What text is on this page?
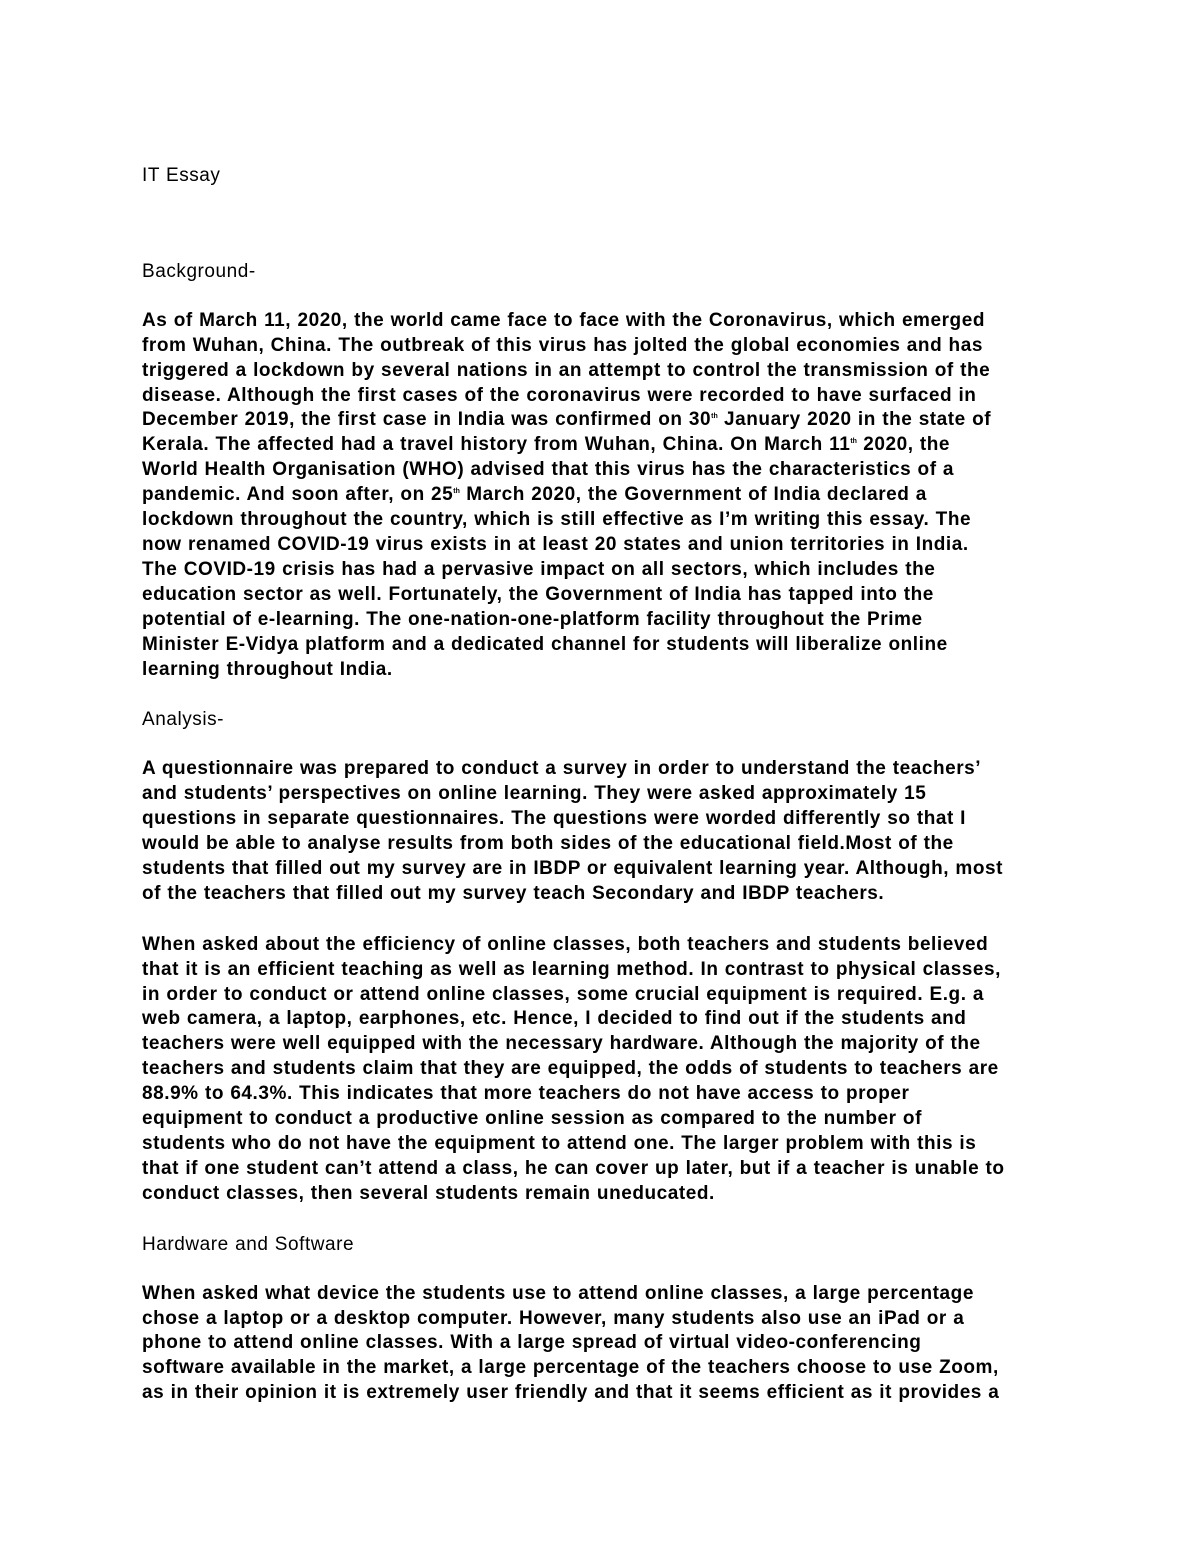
IT Essay
Background-
As of March 11, 2020, the world came face to face with the Coronavirus, which emerged
from Wuhan, China. The outbreak of this virus has jolted the global economies and has
triggered a lockdown by several nations in an attempt to control the transmission of the
disease. Although the first cases of the coronavirus were recorded to have surfaced in
December 2019, the first case in India was confirmed on 30th January 2020 in the state of
Kerala. The affected had a travel history from Wuhan, China. On March 11th 2020, the
World Health Organisation (WHO) advised that this virus has the characteristics of a
pandemic. And soon after, on 25th March 2020, the Government of India declared a
lockdown throughout the country, which is still effective as I’m writing this essay. The
now renamed COVID-19 virus exists in at least 20 states and union territories in India.
The COVID-19 crisis has had a pervasive impact on all sectors, which includes the
education sector as well. Fortunately, the Government of India has tapped into the
potential of e-learning. The one-nation-one-platform facility throughout the Prime
Minister E-Vidya platform and a dedicated channel for students will liberalize online
learning throughout India.
Analysis-
A questionnaire was prepared to conduct a survey in order to understand the teachers’
and students’ perspectives on online learning. They were asked approximately 15
questions in separate questionnaires. The questions were worded differently so that I
would be able to analyse results from both sides of the educational field.Most of the
students that filled out my survey are in IBDP or equivalent learning year. Although, most
of the teachers that filled out my survey teach Secondary and IBDP teachers.
When asked about the efficiency of online classes, both teachers and students believed
that it is an efficient teaching as well as learning method. In contrast to physical classes,
in order to conduct or attend online classes, some crucial equipment is required. E.g. a
web camera, a laptop, earphones, etc. Hence, I decided to find out if the students and
teachers were well equipped with the necessary hardware. Although the majority of the
teachers and students claim that they are equipped, the odds of students to teachers are
88.9% to 64.3%. This indicates that more teachers do not have access to proper
equipment to conduct a productive online session as compared to the number of
students who do not have the equipment to attend one. The larger problem with this is
that if one student can’t attend a class, he can cover up later, but if a teacher is unable to
conduct classes, then several students remain uneducated.
Hardware and Software
When asked what device the students use to attend online classes, a large percentage
chose a laptop or a desktop computer. However, many students also use an iPad or a
phone to attend online classes. With a large spread of virtual video-conferencing
software available in the market, a large percentage of the teachers choose to use Zoom,
as in their opinion it is extremely user friendly and that it seems efficient as it provides a
